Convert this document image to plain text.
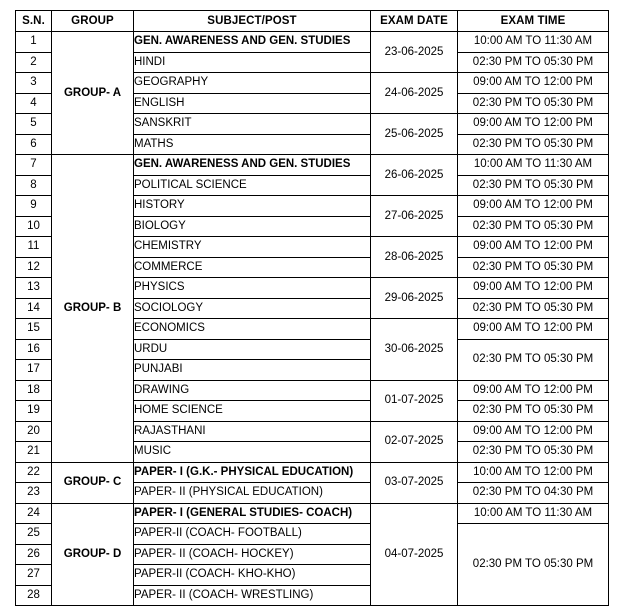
S.N.	GROUP	SUBJECT/POST	EXAM DATE	EXAM TIME
1	GROUP- A	GEN. AWARENESS AND GEN. STUDIES	23-06-2025	10:00 AM TO 11:30 AM
2		HINDI		02:30 PM TO 05:30 PM
3		GEOGRAPHY	24-06-2025	09:00 AM TO 12:00 PM
4		ENGLISH		02:30 PM TO 05:30 PM
5		SANSKRIT	25-06-2025	09:00 AM TO 12:00 PM
6		MATHS		02:30 PM TO 05:30 PM
7	GROUP- B	GEN. AWARENESS AND GEN. STUDIES	26-06-2025	10:00 AM TO 11:30 AM
8		POLITICAL SCIENCE		02:30 PM TO 05:30 PM
9		HISTORY	27-06-2025	09:00 AM TO 12:00 PM
10		BIOLOGY		02:30 PM TO 05:30 PM
11		CHEMISTRY	28-06-2025	09:00 AM TO 12:00 PM
12		COMMERCE		02:30 PM TO 05:30 PM
13		PHYSICS	29-06-2025	09:00 AM TO 12:00 PM
14		SOCIOLOGY		02:30 PM TO 05:30 PM
15		ECONOMICS	30-06-2025	09:00 AM TO 12:00 PM
16		URDU		02:30 PM TO 05:30 PM
17		PUNJABI		
18		DRAWING	01-07-2025	09:00 AM TO 12:00 PM
19		HOME SCIENCE		02:30 PM TO 05:30 PM
20		RAJASTHANI	02-07-2025	09:00 AM TO 12:00 PM
21		MUSIC		02:30 PM TO 05:30 PM
22	GROUP- C	PAPER- I (G.K.- PHYSICAL EDUCATION)	03-07-2025	10:00 AM TO 12:00 PM
23		PAPER- II (PHYSICAL EDUCATION)		02:30 PM TO 04:30 PM
24	GROUP- D	PAPER- I (GENERAL STUDIES- COACH)	04-07-2025	10:00 AM TO 11:30 AM
25		PAPER-II (COACH- FOOTBALL)		02:30 PM TO 05:30 PM
26		PAPER- II (COACH- HOCKEY)		
27		PAPER-II (COACH- KHO-KHO)		
28		PAPER- II (COACH- WRESTLING)		
